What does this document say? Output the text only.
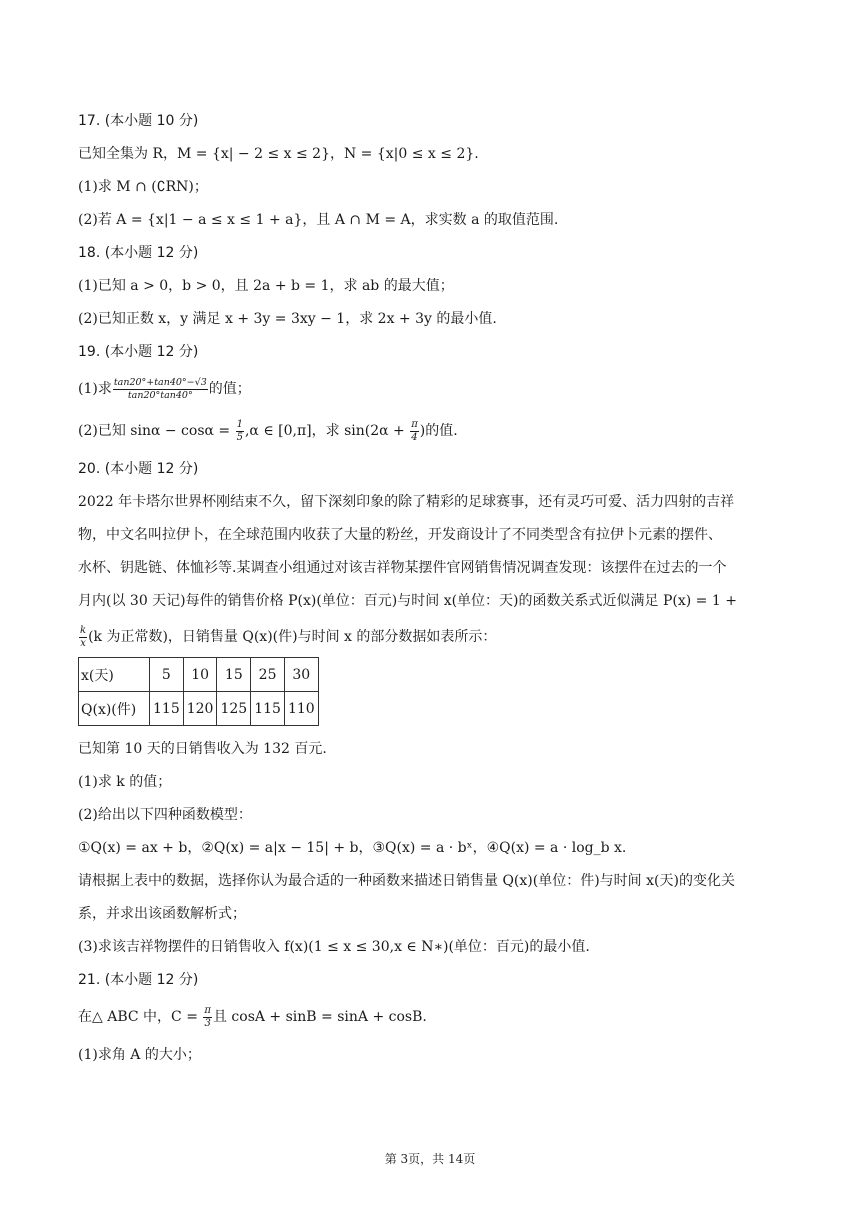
17. (本小题 10 分)
已知全集为 R，M = {x| − 2 ≤ x ≤ 2}，N = {x|0 ≤ x ≤ 2}.
(1)求 M ∩ (∁RN)；
(2)若 A = {x|1 − a ≤ x ≤ 1 + a}，且 A ∩ M = A，求实数 a 的取值范围.
18. (本小题 12 分)
(1)已知 a > 0，b > 0，且 2a + b = 1，求 ab 的最大值；
(2)已知正数 x，y 满足 x + 3y = 3xy − 1，求 2x + 3y 的最小值.
19. (本小题 12 分)
(1)求 $\frac{\tan 20^\circ+\tan 40^\circ-√3}{\tan 20^\circ\tan 40^\circ}$ 的值；
(2)已知 $\sin\alpha - \cos\alpha = \frac{1}{5} ,\alpha$ ∈ [0,π]，求 $\sin(2\alpha + \frac{\pi}{4}$ )的值.
20. (本小题 12 分)
2022 年卡塔尔世界杯刚结束不久，留下深刻印象的除了精彩的足球赛事，还有灵巧可爱、活力四射的吉祥
物，中文名叫拉伊卜，在全球范围内收获了大量的粉丝，开发商设计了不同类型含有拉伊卜元素的摆件、
水杯、钥匙链、体恤衫等.某调查小组通过对该吉祥物某摆件官网销售情况调查发现：该摆件在过去的一个
月内(以 30 天记)每件的销售价格 P(x)(单位：百元)与时间 x(单位：天)的函数关系式近似满足 P(x) = 1 +
$\frac{k}{x} (k$ 为正常数)，日销售量 Q(x)(件)与时间 x 的部分数据如表所示：
x(天)	5	10	15	25	30
Q(x)(件)	115	120	125	115	110
已知第 10 天的日销售收入为 132 百元.
(1)求 k 的值；
(2)给出以下四种函数模型：
①Q(x) = ax + b，②Q(x) = a|x − 15| + b，③Q(x) = a · bˣ，④Q(x) = a · log_b x.
请根据上表中的数据，选择你认为最合适的一种函数来描述日销售量 Q(x)(单位：件)与时间 x(天)的变化关
系，并求出该函数解析式；
(3)求该吉祥物摆件的日销售收入 f(x)(1 ≤ x ≤ 30,x ∈ N∗)(单位：百元)的最小值.
21. (本小题 12 分)
在△ ABC 中，$C = \frac{\pi}{3}$ 且 cosA + sinB = sinA + cosB.
(1)求角 A 的大小；
第 3页，共 14页
